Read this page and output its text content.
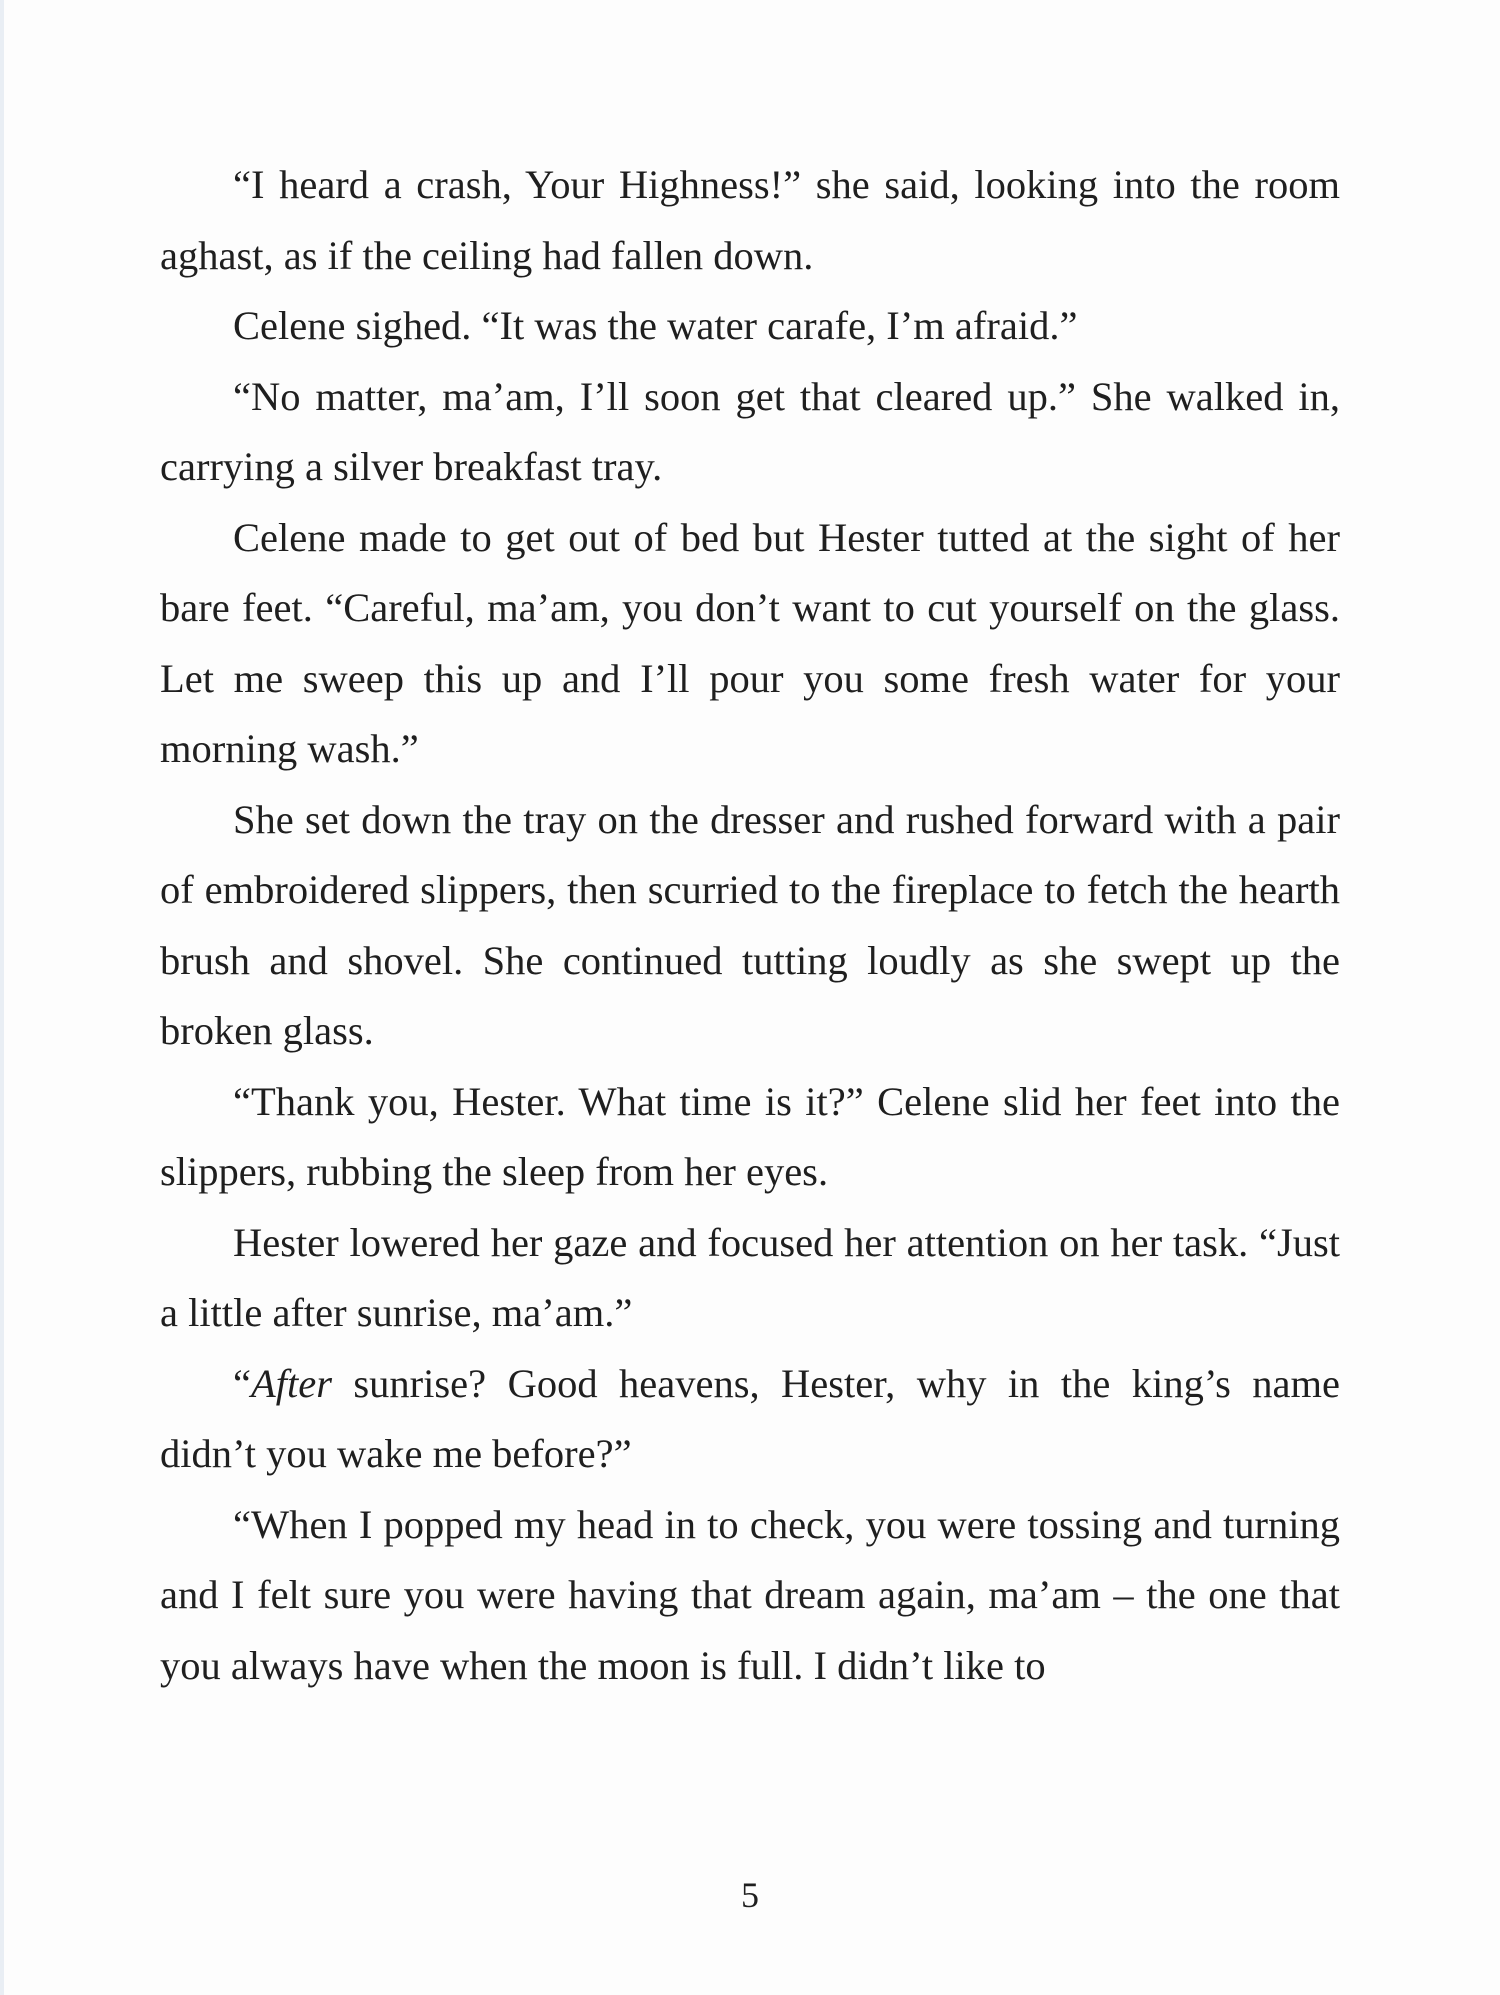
“I heard a crash, Your Highness!” she said, looking into the room aghast, as if the ceiling had fallen down.

Celene sighed. “It was the water carafe, I’m afraid.”

“No matter, ma’am, I’ll soon get that cleared up.” She walked in, carrying a silver breakfast tray.

Celene made to get out of bed but Hester tutted at the sight of her bare feet. “Careful, ma’am, you don’t want to cut yourself on the glass. Let me sweep this up and I’ll pour you some fresh water for your morning wash.”

She set down the tray on the dresser and rushed forward with a pair of embroidered slippers, then scurried to the fireplace to fetch the hearth brush and shovel. She continued tutting loudly as she swept up the broken glass.

“Thank you, Hester. What time is it?” Celene slid her feet into the slippers, rubbing the sleep from her eyes.

Hester lowered her gaze and focused her attention on her task. “Just a little after sunrise, ma’am.”

“After sunrise? Good heavens, Hester, why in the king’s name didn’t you wake me before?”

“When I popped my head in to check, you were tossing and turning and I felt sure you were having that dream again, ma’am – the one that you always have when the moon is full. I didn’t like to

5
